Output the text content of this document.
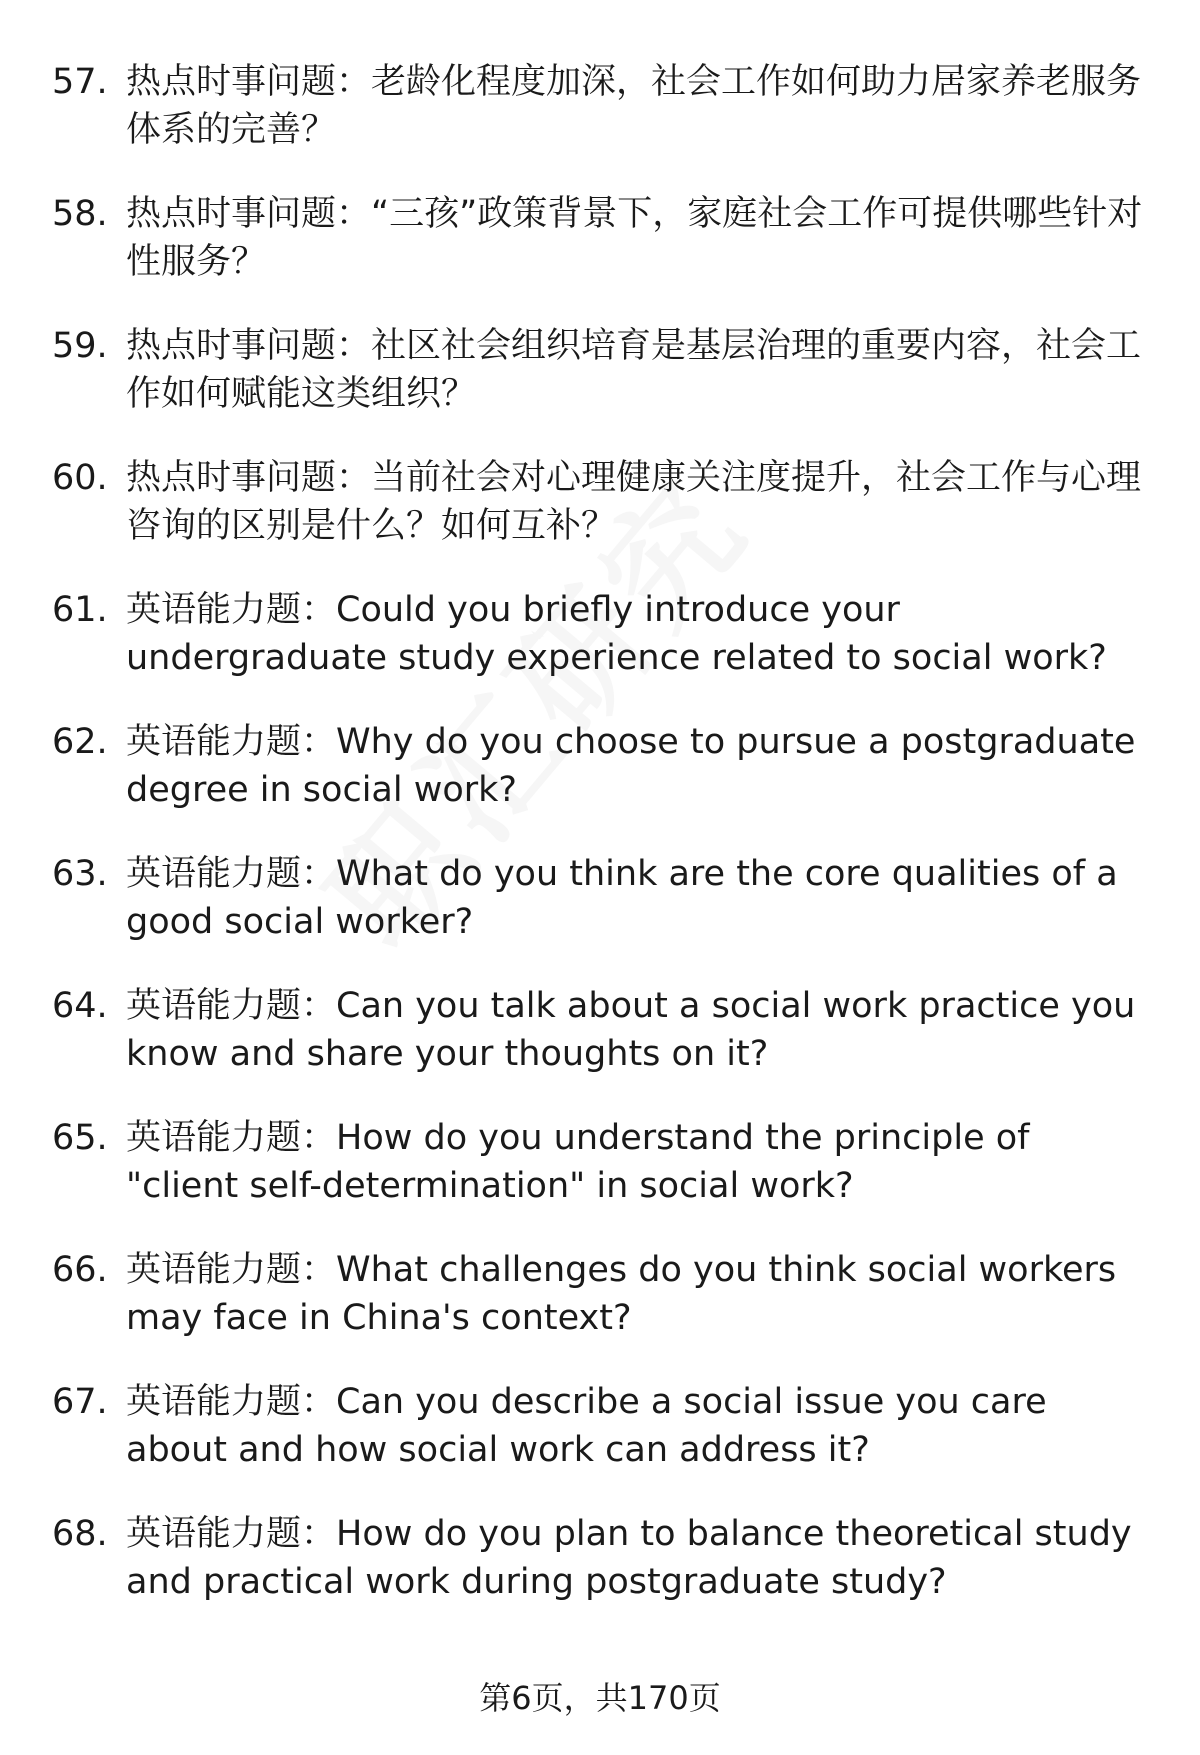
57. 热点时事问题：老龄化程度加深，社会工作如何助力居家养老服务体系的完善？
58. 热点时事问题：“三孩”政策背景下，家庭社会工作可提供哪些针对性服务？
59. 热点时事问题：社区社会组织培育是基层治理的重要内容，社会工作如何赋能这类组织？
60. 热点时事问题：当前社会对心理健康关注度提升，社会工作与心理咨询的区别是什么？如何互补？
61. 英语能力题：Could you briefly introduce your undergraduate study experience related to social work?
62. 英语能力题：Why do you choose to pursue a postgraduate degree in social work?
63. 英语能力题：What do you think are the core qualities of a good social worker?
64. 英语能力题：Can you talk about a social work practice you know and share your thoughts on it?
65. 英语能力题：How do you understand the principle of "client self-determination" in social work?
66. 英语能力题：What challenges do you think social workers may face in China's context?
67. 英语能力题：Can you describe a social issue you care about and how social work can address it?
68. 英语能力题：How do you plan to balance theoretical study and practical work during postgraduate study?
第6页，共170页
